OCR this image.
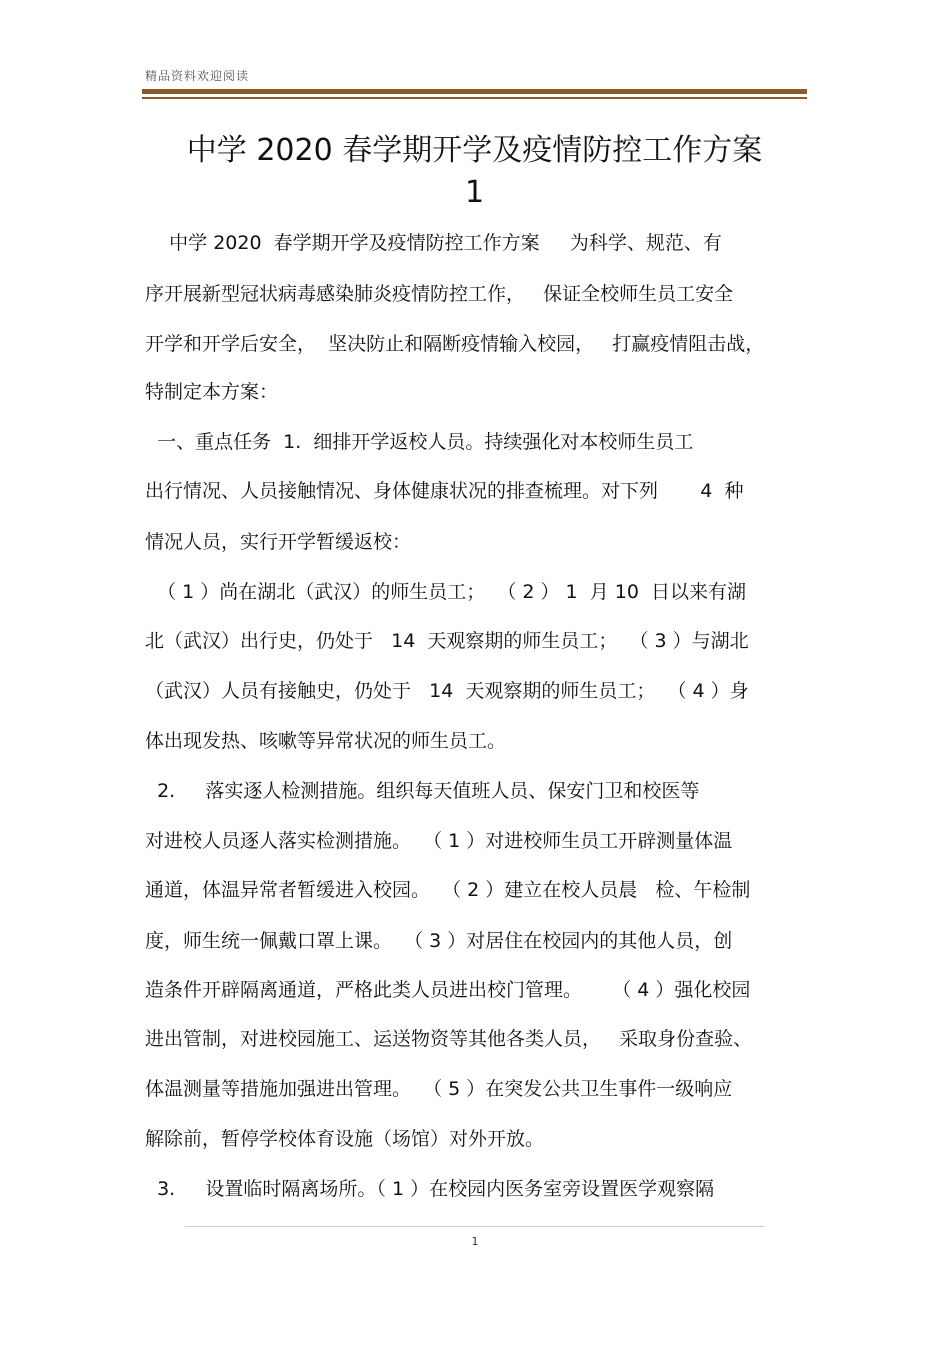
精品资料欢迎阅读
中学 2020 春学期开学及疫情防控工作方案
1
中学 2020  春学期开学及疫情防控工作方案     为科学、规范、有
序开展新型冠状病毒感染肺炎疫情防控工作，   保证全校师生员工安全
开学和开学后安全，  坚决防止和隔断疫情输入校园，   打赢疫情阻击战，
特制定本方案：
一、重点任务  1.  细排开学返校人员。持续强化对本校师生员工
出行情况、人员接触情况、身体健康状况的排查梳理。对下列       4  种
情况人员，实行开学暂缓返校：
（ 1 ）尚在湖北（武汉）的师生员工；  （ 2 ） 1  月 10  日以来有湖
北（武汉）出行史，仍处于   14  天观察期的师生员工；  （ 3 ）与湖北
（武汉）人员有接触史，仍处于   14  天观察期的师生员工；  （ 4 ）身
体出现发热、咳嗽等异常状况的师生员工。
2.     落实逐人检测措施。组织每天值班人员、保安门卫和校医等
对进校人员逐人落实检测措施。  （ 1 ）对进校师生员工开辟测量体温
通道，体温异常者暂缓进入校园。  （ 2 ）建立在校人员晨   检、午检制
度，师生统一佩戴口罩上课。  （ 3 ）对居住在校园内的其他人员，创
造条件开辟隔离通道，严格此类人员进出校门管理。     （ 4 ）强化校园
进出管制，对进校园施工、运送物资等其他各类人员，   采取身份查验、
体温测量等措施加强进出管理。  （ 5 ）在突发公共卫生事件一级响应
解除前，暂停学校体育设施（场馆）对外开放。
3.     设置临时隔离场所。（ 1 ）在校园内医务室旁设置医学观察隔
1
